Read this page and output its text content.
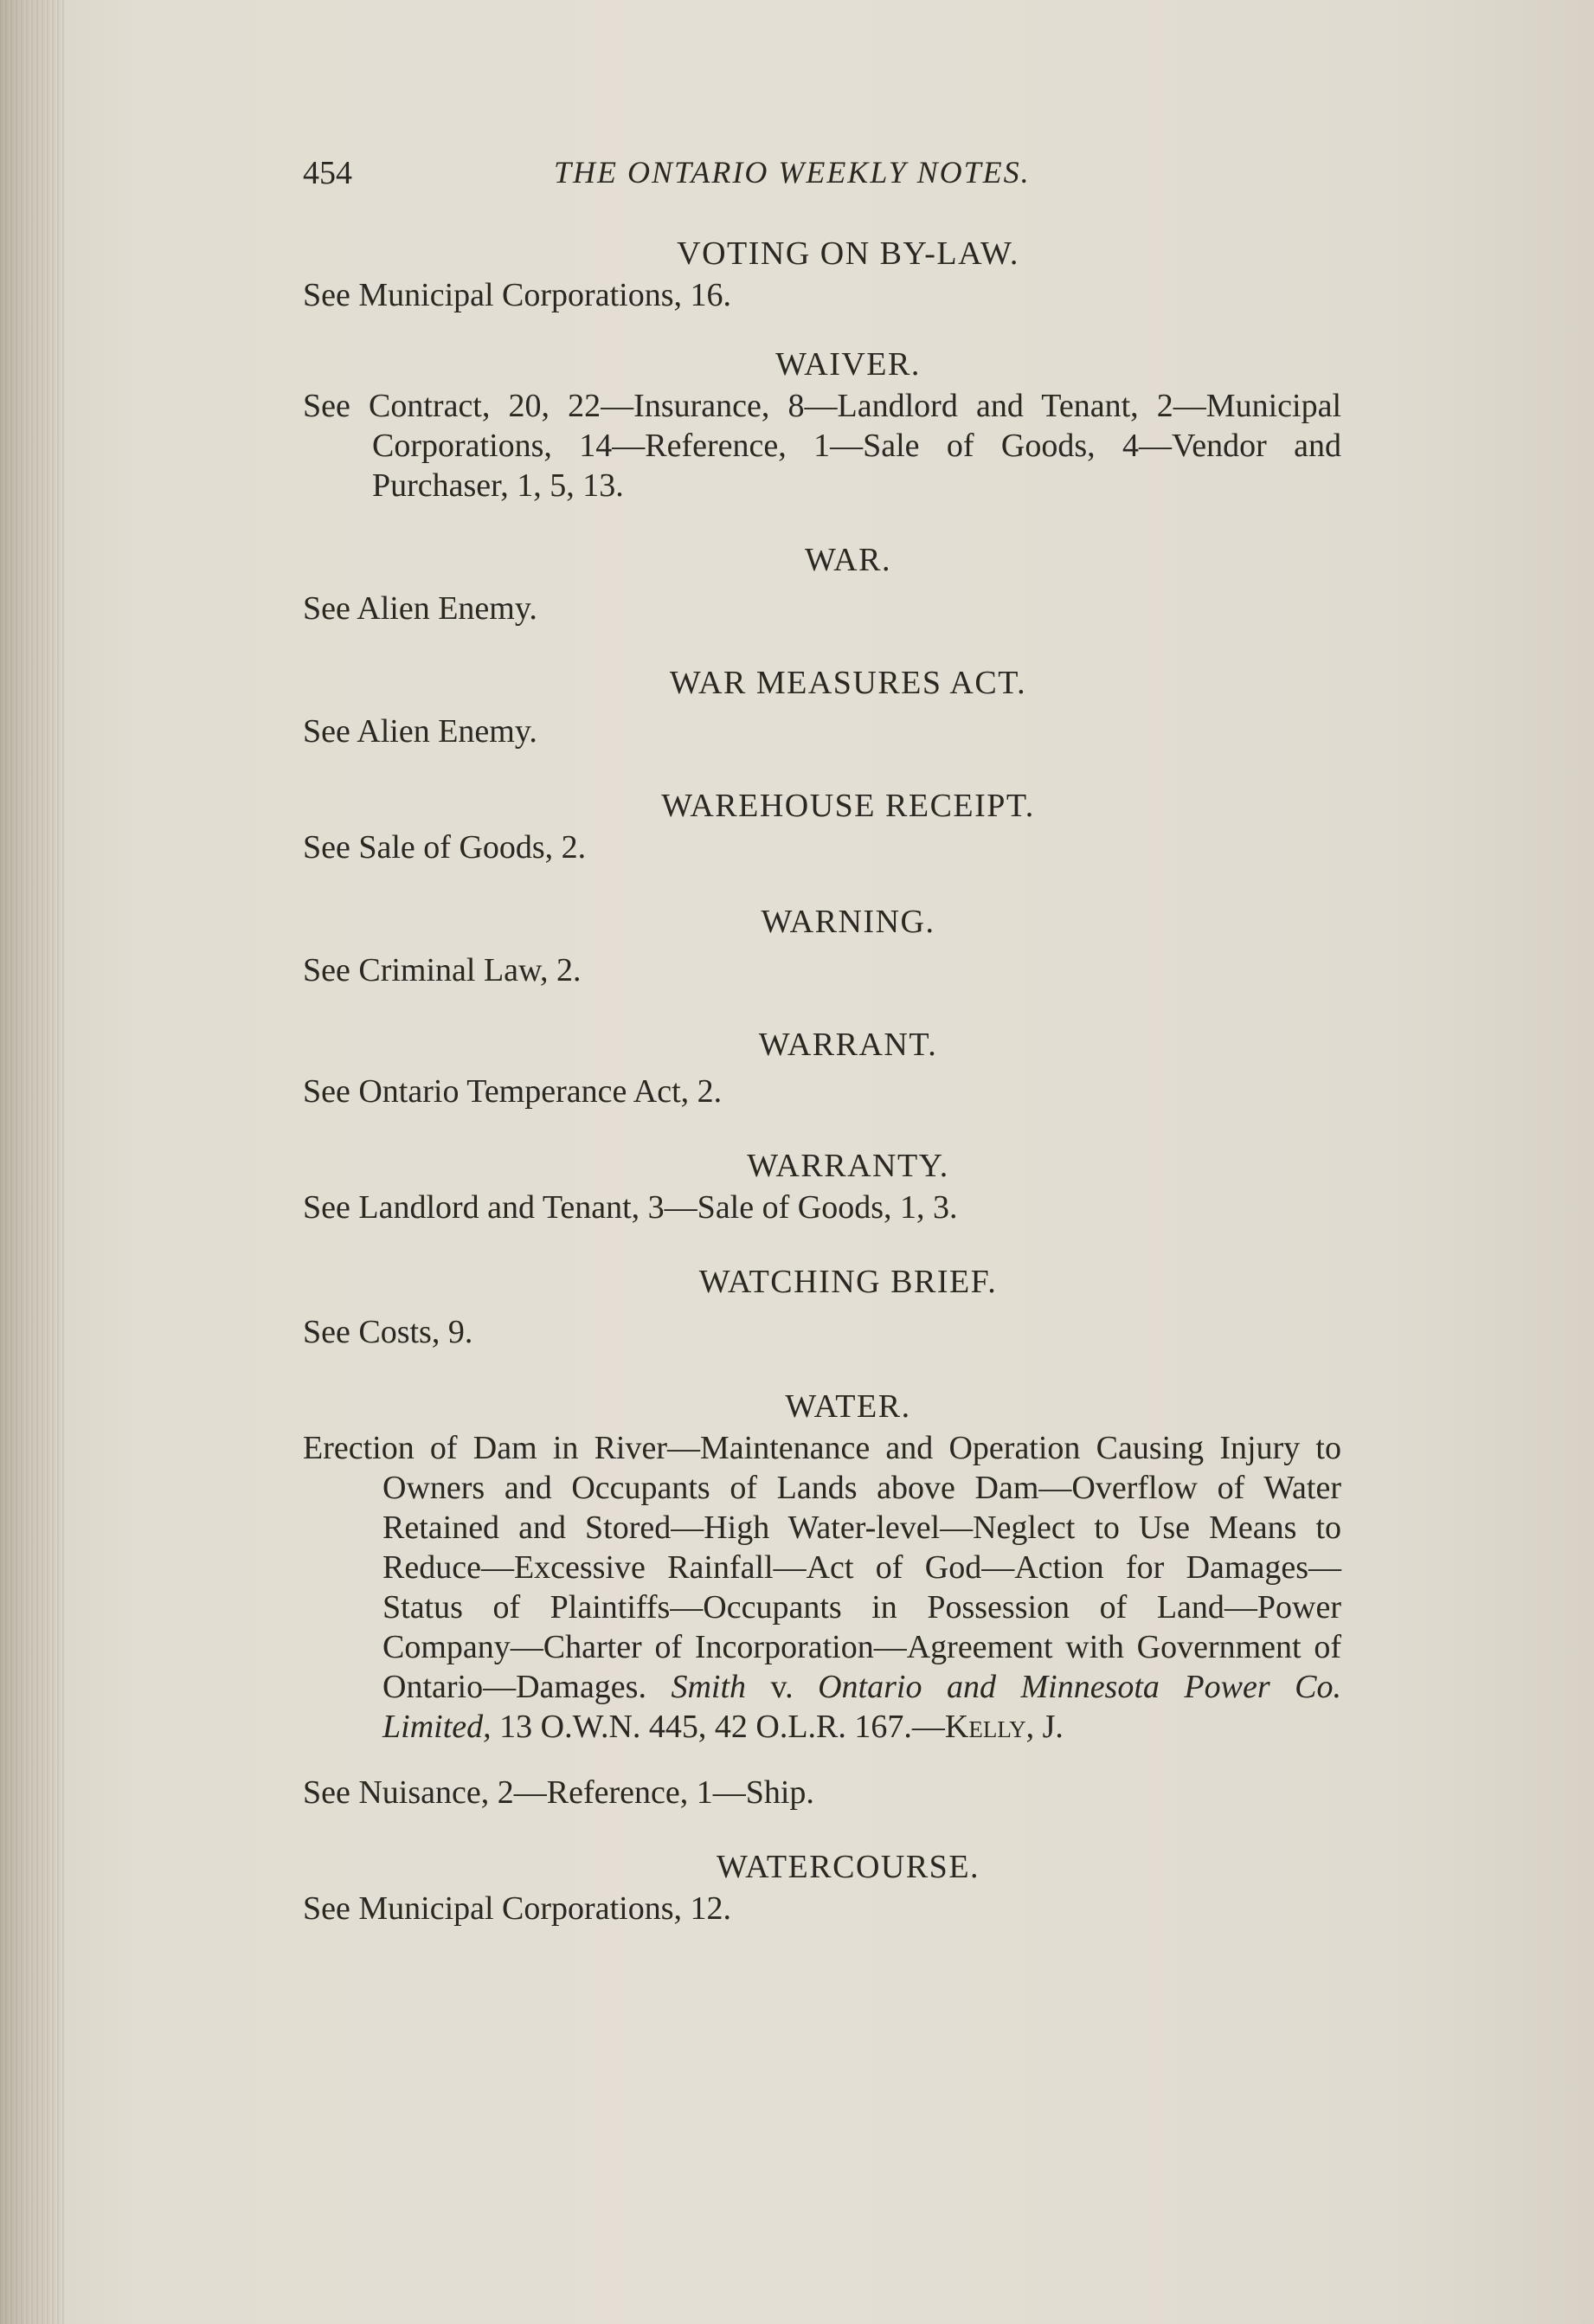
454	THE ONTARIO WEEKLY NOTES.

VOTING ON BY-LAW.

See Municipal Corporations, 16.

WAIVER.

See Contract, 20, 22—Insurance, 8—Landlord and Tenant, 2—Municipal Corporations, 14—Reference, 1—Sale of Goods, 4—Vendor and Purchaser, 1, 5, 13.

WAR.

See Alien Enemy.

WAR MEASURES ACT.

See Alien Enemy.

WAREHOUSE RECEIPT.

See Sale of Goods, 2.

WARNING.

See Criminal Law, 2.

WARRANT.

See Ontario Temperance Act, 2.

WARRANTY.

See Landlord and Tenant, 3—Sale of Goods, 1, 3.

WATCHING BRIEF.

See Costs, 9.

WATER.

Erection of Dam in River—Maintenance and Operation Causing Injury to Owners and Occupants of Lands above Dam—Overflow of Water Retained and Stored—High Water-level—Neglect to Use Means to Reduce—Excessive Rainfall—Act of God—Action for Damages—Status of Plaintiffs—Occupants in Possession of Land—Power Company—Charter of Incorporation—Agreement with Government of Ontario—Damages. Smith v. Ontario and Minnesota Power Co. Limited, 13 O.W.N. 445, 42 O.L.R. 167.—Kelly, J.

See Nuisance, 2—Reference, 1—Ship.

WATERCOURSE.

See Municipal Corporations, 12.
